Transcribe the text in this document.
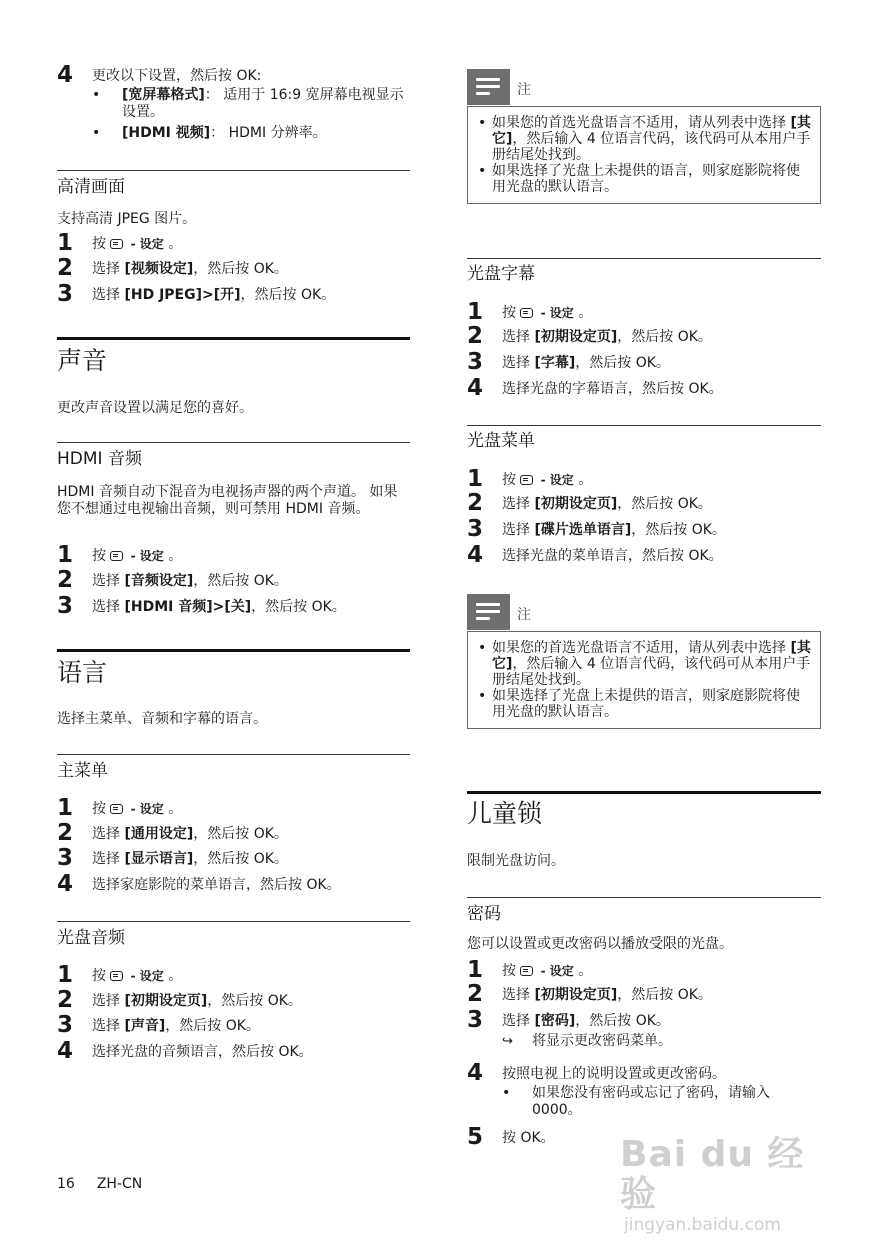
4 更改以下设置，然后按 OK:
• [宽屏幕格式]： 适用于 16:9 宽屏幕电视显示设置。
• [HDMI 视频]： HDMI 分辨率。
高清画面
支持高清 JPEG 图片。
1 按  - 设定 。
2 选择 [视频设定]，然后按 OK。
3 选择 [HD JPEG]>[开]，然后按 OK。
声音
更改声音设置以满足您的喜好。
HDMI 音频
HDMI 音频自动下混音为电视扬声器的两个声道。 如果您不想通过电视输出音频，则可禁用 HDMI 音频。
1 按  - 设定 。
2 选择 [音频设定]，然后按 OK。
3 选择 [HDMI 音频]>[关]，然后按 OK。
语言
选择主菜单、音频和字幕的语言。
主菜单
1 按  - 设定 。
2 选择 [通用设定]，然后按 OK。
3 选择 [显示语言]，然后按 OK。
4 选择家庭影院的菜单语言，然后按 OK。
光盘音频
1 按  - 设定 。
2 选择 [初期设定页]，然后按 OK。
3 选择 [声音]，然后按 OK。
4 选择光盘的音频语言，然后按 OK。
注
• 如果您的首选光盘语言不适用，请从列表中选择 [其它]，然后输入 4 位语言代码，该代码可从本用户手册结尾处找到。
• 如果选择了光盘上未提供的语言，则家庭影院将使用光盘的默认语言。
光盘字幕
1 按  - 设定 。
2 选择 [初期设定页]，然后按 OK。
3 选择 [字幕]，然后按 OK。
4 选择光盘的字幕语言，然后按 OK。
光盘菜单
1 按  - 设定 。
2 选择 [初期设定页]，然后按 OK。
3 选择 [碟片选单语言]，然后按 OK。
4 选择光盘的菜单语言，然后按 OK。
注
• 如果您的首选光盘语言不适用，请从列表中选择 [其它]，然后输入 4 位语言代码，该代码可从本用户手册结尾处找到。
• 如果选择了光盘上未提供的语言，则家庭影院将使用光盘的默认语言。
儿童锁
限制光盘访问。
密码
您可以设置或更改密码以播放受限的光盘。
1 按  - 设定 。
2 选择 [初期设定页]，然后按 OK。
3 选择 [密码]，然后按 OK。
↪ 将显示更改密码菜单。
4 按照电视上的说明设置或更改密码。
• 如果您没有密码或忘记了密码，请输入 0000。
5 按 OK。
16 ZH-CN
Bai du 经验
jingyan.baidu.com
